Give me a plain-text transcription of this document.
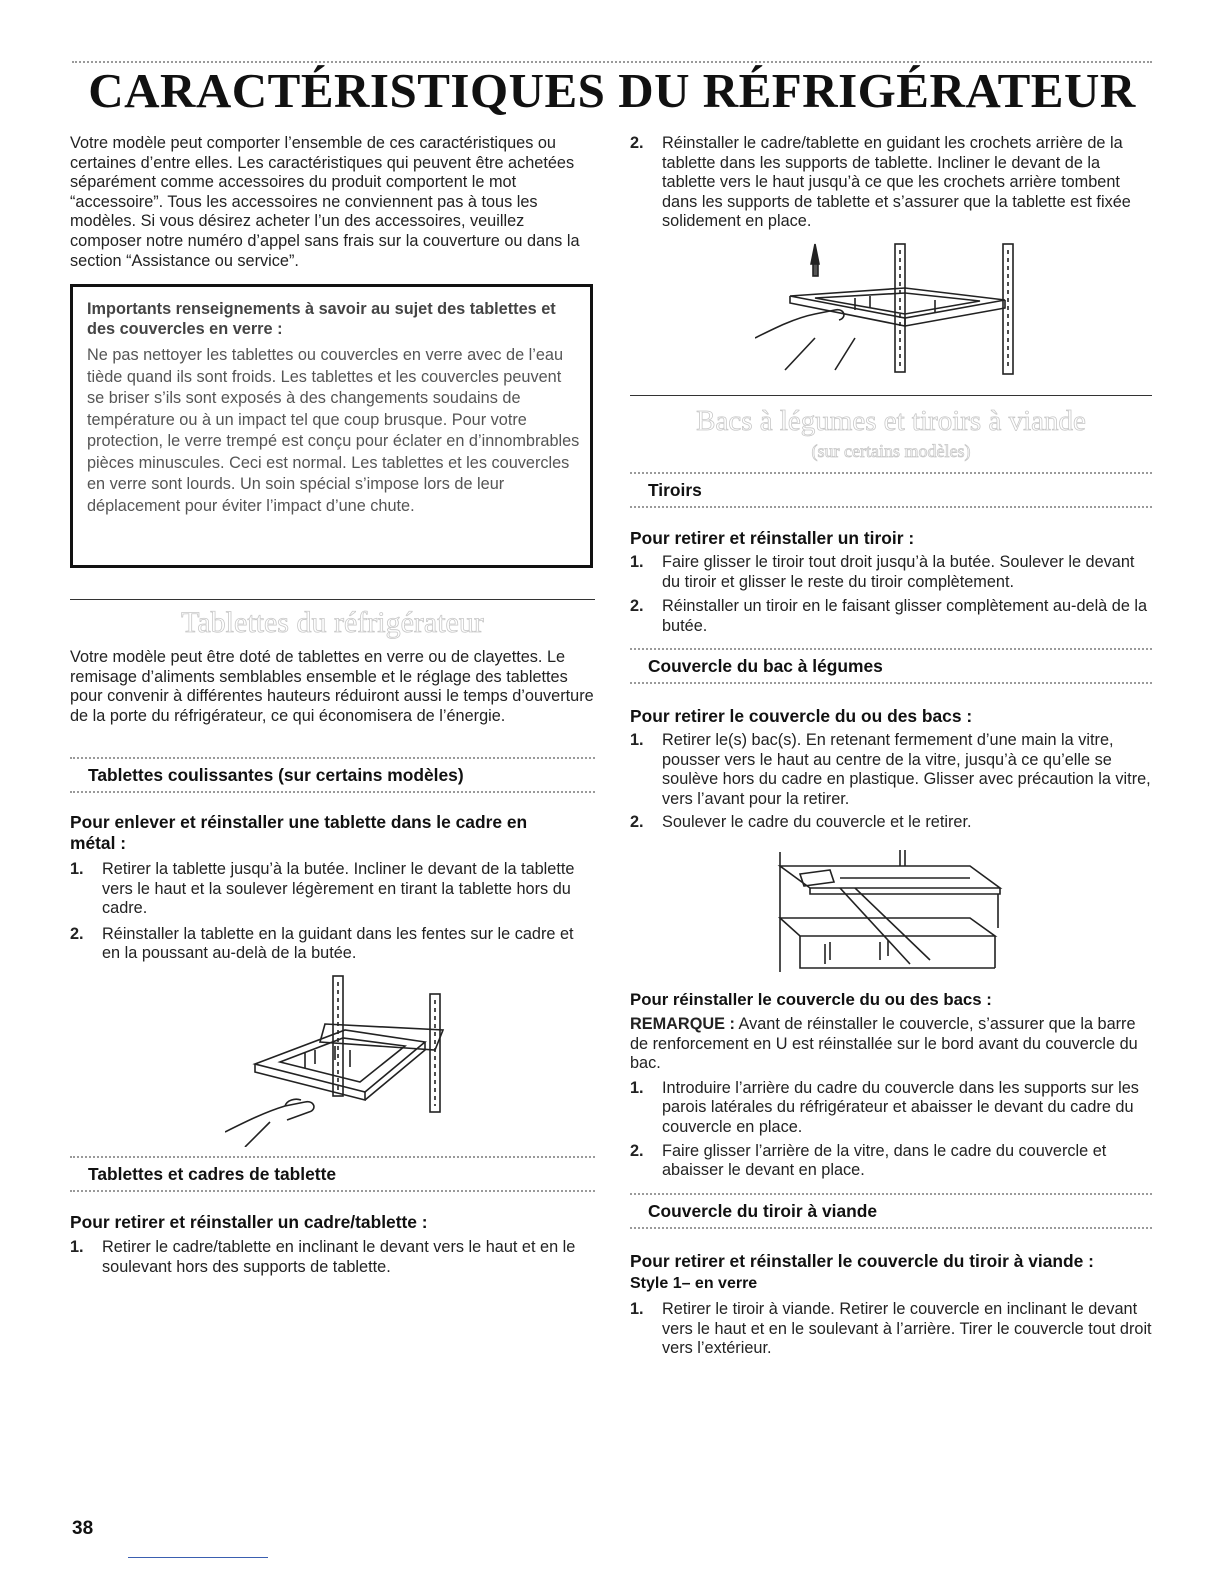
CARACTÉRISTIQUES DU RÉFRIGÉRATEUR

Votre modèle peut comporter l’ensemble de ces caractéristiques ou certaines d’entre elles. Les caractéristiques qui peuvent être achetées séparément comme accessoires du produit comportent le mot “accessoire”. Tous les accessoires ne conviennent pas à tous les modèles. Si vous désirez acheter l’un des accessoires, veuillez composer notre numéro d’appel sans frais sur la couverture ou dans la section “Assistance ou service”.

Importants renseignements à savoir au sujet des tablettes et des couvercles en verre :

Ne pas nettoyer les tablettes ou couvercles en verre avec de l’eau tiède quand ils sont froids. Les tablettes et les couvercles peuvent se briser s’ils sont exposés à des changements soudains de température ou à un impact tel que coup brusque. Pour votre protection, le verre trempé est conçu pour éclater en d’innombrables pièces minuscules. Ceci est normal. Les tablettes et les couvercles en verre sont lourds. Un soin spécial s’impose lors de leur déplacement pour éviter l’impact d’une chute.

Tablettes du réfrigérateur

Votre modèle peut être doté de tablettes en verre ou de clayettes. Le remisage d’aliments semblables ensemble et le réglage des tablettes pour convenir à différentes hauteurs réduiront aussi le temps d’ouverture de la porte du réfrigérateur, ce qui économisera de l’énergie.

Tablettes coulissantes (sur certains modèles)
Pour enlever et réinstaller une tablette dans le cadre en métal :
1. Retirer la tablette jusqu’à la butée. Incliner le devant de la tablette vers le haut et la soulever légèrement en tirant la tablette hors du cadre.
2. Réinstaller la tablette en la guidant dans les fentes sur le cadre et en la poussant au-delà de la butée.
Tablettes et cadres de tablette
Pour retirer et réinstaller un cadre/tablette :
1. Retirer le cadre/tablette en inclinant le devant vers le haut et en le soulevant hors des supports de tablette.
2. Réinstaller le cadre/tablette en guidant les crochets arrière de la tablette dans les supports de tablette. Incliner le devant de la tablette vers le haut jusqu’à ce que les crochets arrière tombent dans les supports de tablette et s’assurer que la tablette est fixée solidement en place.
Bacs à légumes et tiroirs à viande
(sur certains modèles)
Tiroirs
Pour retirer et réinstaller un tiroir :
1. Faire glisser le tiroir tout droit jusqu’à la butée. Soulever le devant du tiroir et glisser le reste du tiroir complètement.
2. Réinstaller un tiroir en le faisant glisser complètement au-delà de la butée.
Couvercle du bac à légumes
Pour retirer le couvercle du ou des bacs :
1. Retirer le(s) bac(s). En retenant fermement d’une main la vitre, pousser vers le haut au centre de la vitre, jusqu’à ce qu’elle se soulève hors du cadre en plastique. Glisser avec précaution la vitre, vers l’avant pour la retirer.
2. Soulever le cadre du couvercle et le retirer.
Pour réinstaller le couvercle du ou des bacs :

REMARQUE : Avant de réinstaller le couvercle, s’assurer que la barre de renforcement en U est réinstallée sur le bord avant du couvercle du bac.

1. Introduire l’arrière du cadre du couvercle dans les supports sur les parois latérales du réfrigérateur et abaisser le devant du cadre du couvercle en place.
2. Faire glisser l’arrière de la vitre, dans le cadre du couvercle et abaisser le devant en place.
Couvercle du tiroir à viande
Pour retirer et réinstaller le couvercle du tiroir à viande :
Style 1– en verre
1. Retirer le tiroir à viande. Retirer le couvercle en inclinant le devant vers le haut et en le soulevant à l’arrière. Tirer le couvercle tout droit vers l’extérieur.
38
